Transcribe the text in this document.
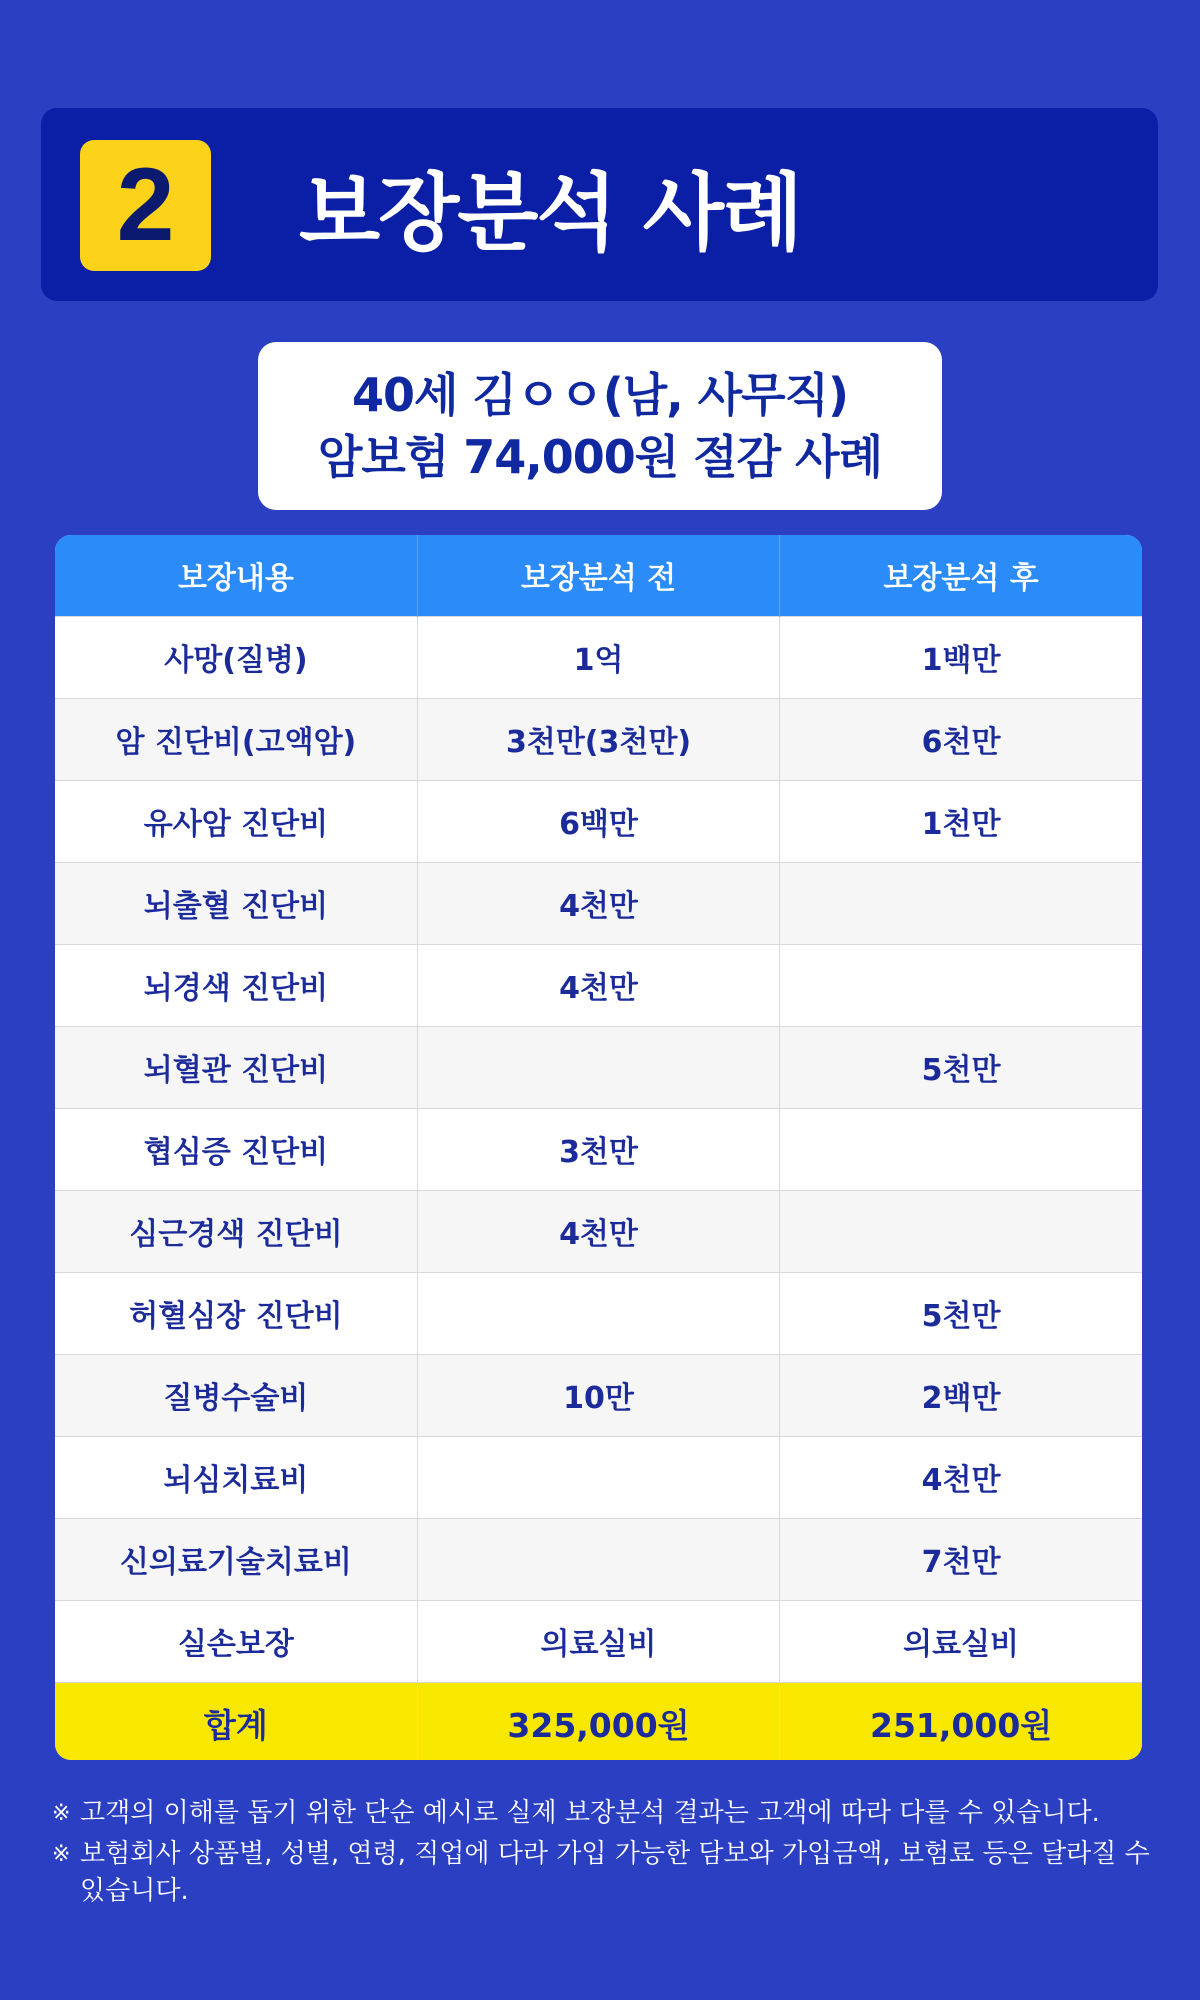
2	보장분석 사례
40세 김ㅇㅇ(남, 사무직)
암보험 74,000원 절감 사례
보장내용	보장분석 전	보장분석 후
사망(질병)	1억	1백만
암 진단비(고액암)	3천만(3천만)	6천만
유사암 진단비	6백만	1천만
뇌출혈 진단비	4천만	
뇌경색 진단비	4천만	
뇌혈관 진단비		5천만
협심증 진단비	3천만	
심근경색 진단비	4천만	
허혈심장 진단비		5천만
질병수술비	10만	2백만
뇌심치료비		4천만
신의료기술치료비		7천만
실손보장	의료실비	의료실비
합계	325,000원	251,000원
※ 고객의 이해를 돕기 위한 단순 예시로 실제 보장분석 결과는 고객에 따라 다를 수 있습니다.
※ 보험회사 상품별, 성별, 연령, 직업에 다라 가입 가능한 담보와 가입금액, 보험료 등은 달라질 수 있습니다.
